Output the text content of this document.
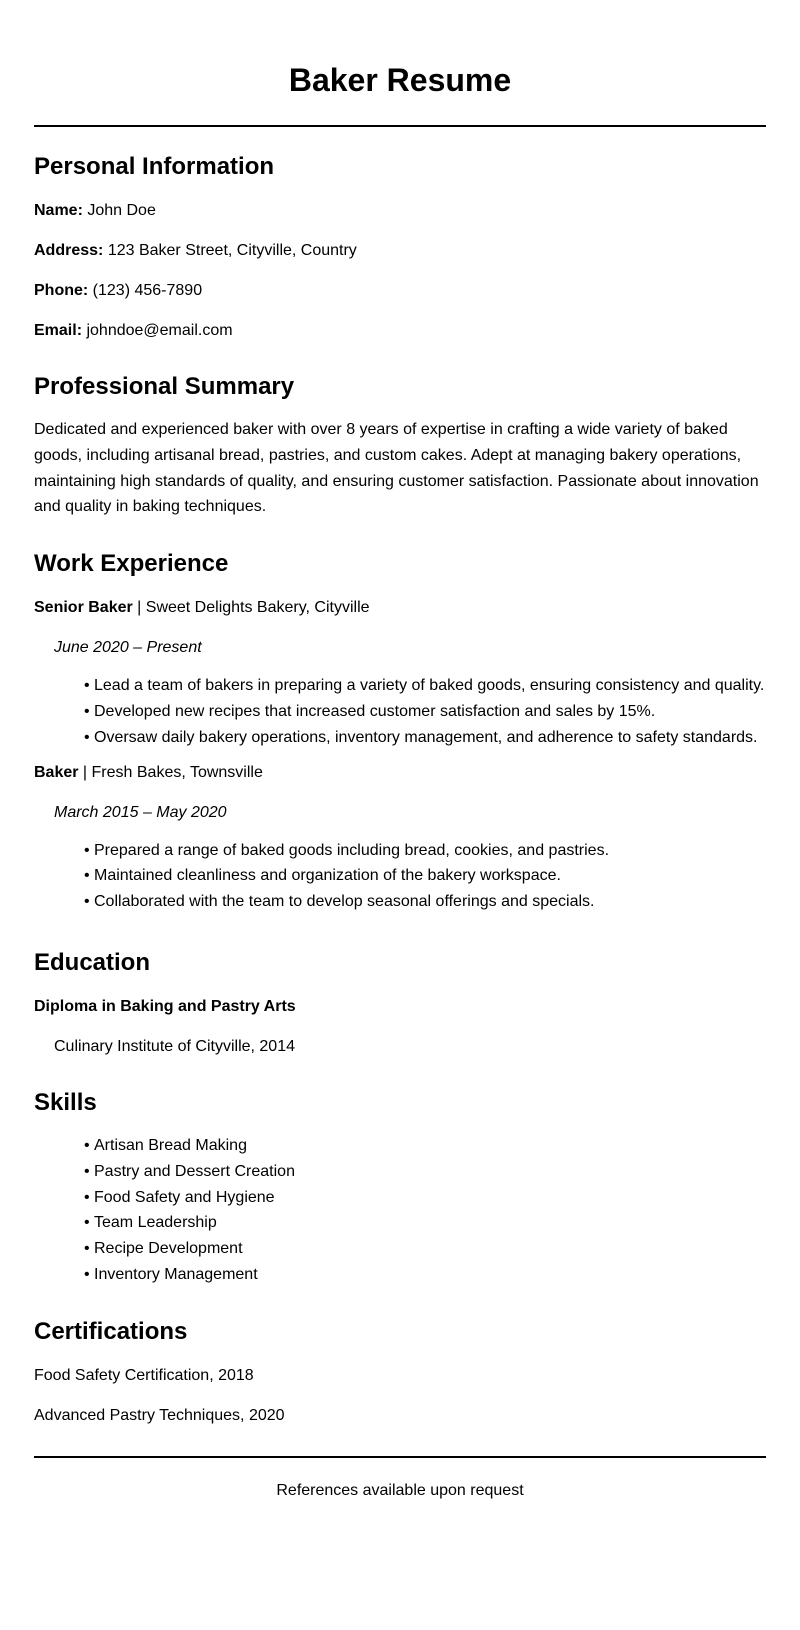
Baker Resume
Personal Information

Name: John Doe

Address: 123 Baker Street, Cityville, Country

Phone: (123) 456-7890

Email: johndoe@email.com

Professional Summary

Dedicated and experienced baker with over 8 years of expertise in crafting a wide variety of baked goods, including artisanal bread, pastries, and custom cakes. Adept at managing bakery operations, maintaining high standards of quality, and ensuring customer satisfaction. Passionate about innovation and quality in baking techniques.

Work Experience

Senior Baker | Sweet Delights Bakery, Cityville

June 2020 – Present

• Lead a team of bakers in preparing a variety of baked goods, ensuring consistency and quality.
• Developed new recipes that increased customer satisfaction and sales by 15%.
• Oversaw daily bakery operations, inventory management, and adherence to safety standards.

Baker | Fresh Bakes, Townsville

March 2015 – May 2020

• Prepared a range of baked goods including bread, cookies, and pastries.
• Maintained cleanliness and organization of the bakery workspace.
• Collaborated with the team to develop seasonal offerings and specials.
Education

Diploma in Baking and Pastry Arts

Culinary Institute of Cityville, 2014

Skills
• Artisan Bread Making
• Pastry and Dessert Creation
• Food Safety and Hygiene
• Team Leadership
• Recipe Development
• Inventory Management
Certifications

Food Safety Certification, 2018

Advanced Pastry Techniques, 2020

References available upon request
